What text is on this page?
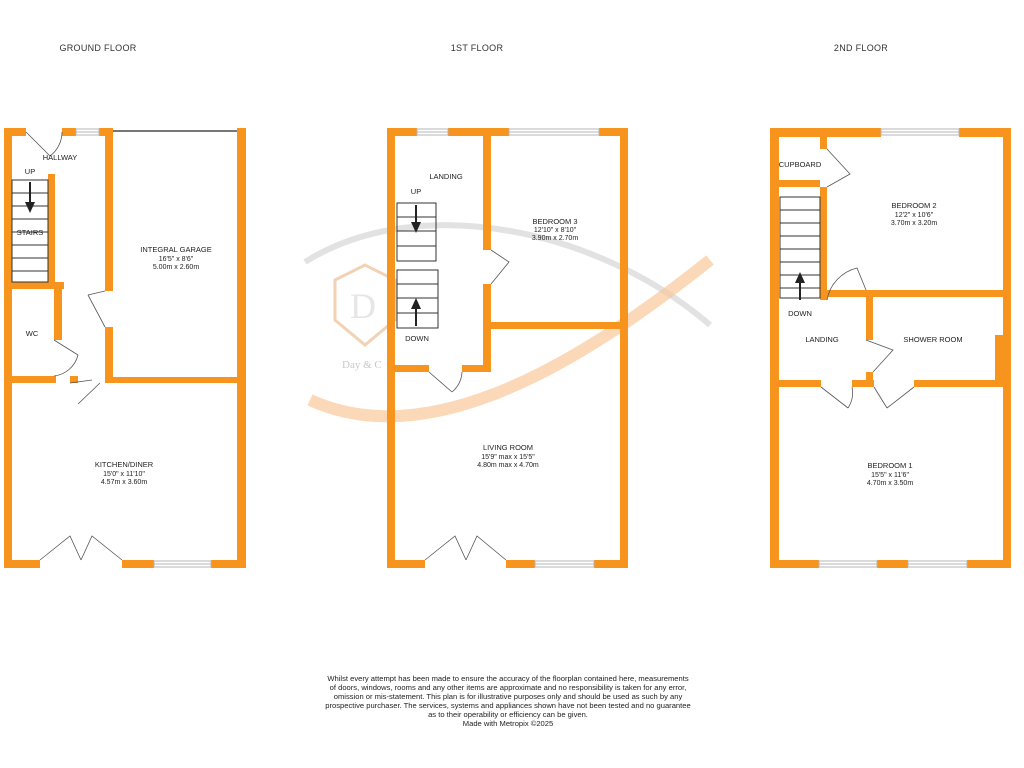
D
Day & C
GROUND FLOOR	1ST FLOOR	2ND FLOOR
HALLWAY
UP
STAIRS
WC
INTEGRAL GARAGE
16'5" x 8'6"
5.00m x 2.60m
KITCHEN/DINER
15'0" x 11'10"
4.57m x 3.60m
LANDING
UP
DOWN
BEDROOM 3
12'10" x 8'10"
3.90m x 2.70m
LIVING ROOM
15'9" max x 15'5"
4.80m max x 4.70m
CUPBOARD
DOWN
LANDING	SHOWER ROOM
BEDROOM 2
12'2" x 10'6"
3.70m x 3.20m
BEDROOM 1
15'5" x 11'6"
4.70m x 3.50m
Whilst every attempt has been made to ensure the accuracy of the floorplan contained here, measurements
of doors, windows, rooms and any other items are approximate and no responsibility is taken for any error,
omission or mis-statement. This plan is for illustrative purposes only and should be used as such by any
prospective purchaser. The services, systems and appliances shown have not been tested and no guarantee
as to their operability or efficiency can be given.
Made with Metropix ©2025
